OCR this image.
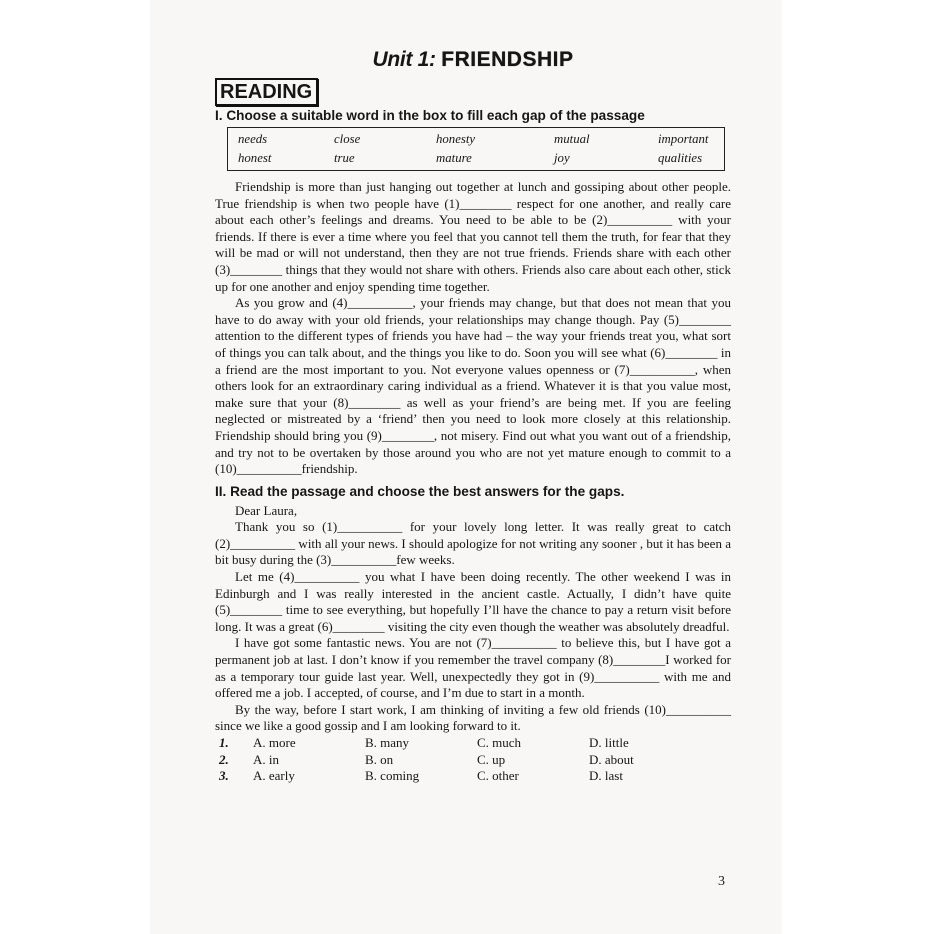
Unit 1: FRIENDSHIP
READING
I. Choose a suitable word in the box to fill each gap of the passage
needs	close	honesty	mutual	important
honest	true	mature	joy	qualities

Friendship is more than just hanging out together at lunch and gossiping about other people. True friendship is when two people have (1)________ respect for one another, and really care about each other’s feelings and dreams. You need to be able to be (2)__________ with your friends. If there is ever a time where you feel that you cannot tell them the truth, for fear that they will be mad or will not understand, then they are not true friends. Friends share with each other (3)________ things that they would not share with others. Friends also care about each other, stick up for one another and enjoy spending time together.

As you grow and (4)__________, your friends may change, but that does not mean that you have to do away with your old friends, your relationships may change though. Pay (5)________ attention to the different types of friends you have had – the way your friends treat you, what sort of things you can talk about, and the things you like to do. Soon you will see what (6)________ in a friend are the most important to you. Not everyone values openness or (7)__________, when others look for an extraordinary caring individual as a friend. Whatever it is that you value most, make sure that your (8)________ as well as your friend’s are being met. If you are feeling neglected or mistreated by a ‘friend’ then you need to look more closely at this relationship. Friendship should bring you (9)________, not misery. Find out what you want out of a friendship, and try not to be overtaken by those around you who are not yet mature enough to commit to a (10)__________friendship.

II. Read the passage and choose the best answers for the gaps.

Dear Laura,

Thank you so (1)__________ for your lovely long letter. It was really great to catch (2)__________ with all your news. I should apologize for not writing any sooner , but it has been a bit busy during the (3)__________few weeks.

Let me (4)__________ you what I have been doing recently. The other weekend I was in Edinburgh and I was really interested in the ancient castle. Actually, I didn’t have quite (5)________ time to see everything, but hopefully I’ll have the chance to pay a return visit before long. It was a great (6)________ visiting the city even though the weather was absolutely dreadful.

I have got some fantastic news. You are not (7)__________ to believe this, but I have got a permanent job at last. I don’t know if you remember the travel company (8)________I worked for as a temporary tour guide last year. Well, unexpectedly they got in (9)__________ with me and offered me a job. I accepted, of course, and I’m due to start in a month.

By the way, before I start work, I am thinking of inviting a few old friends (10)__________ since we like a good gossip and I am looking forward to it.

1.	A. more	B. many	C. much	D. little
2.	A. in	B. on	C. up	D. about
3.	A. early	B. coming	C. other	D. last
3
